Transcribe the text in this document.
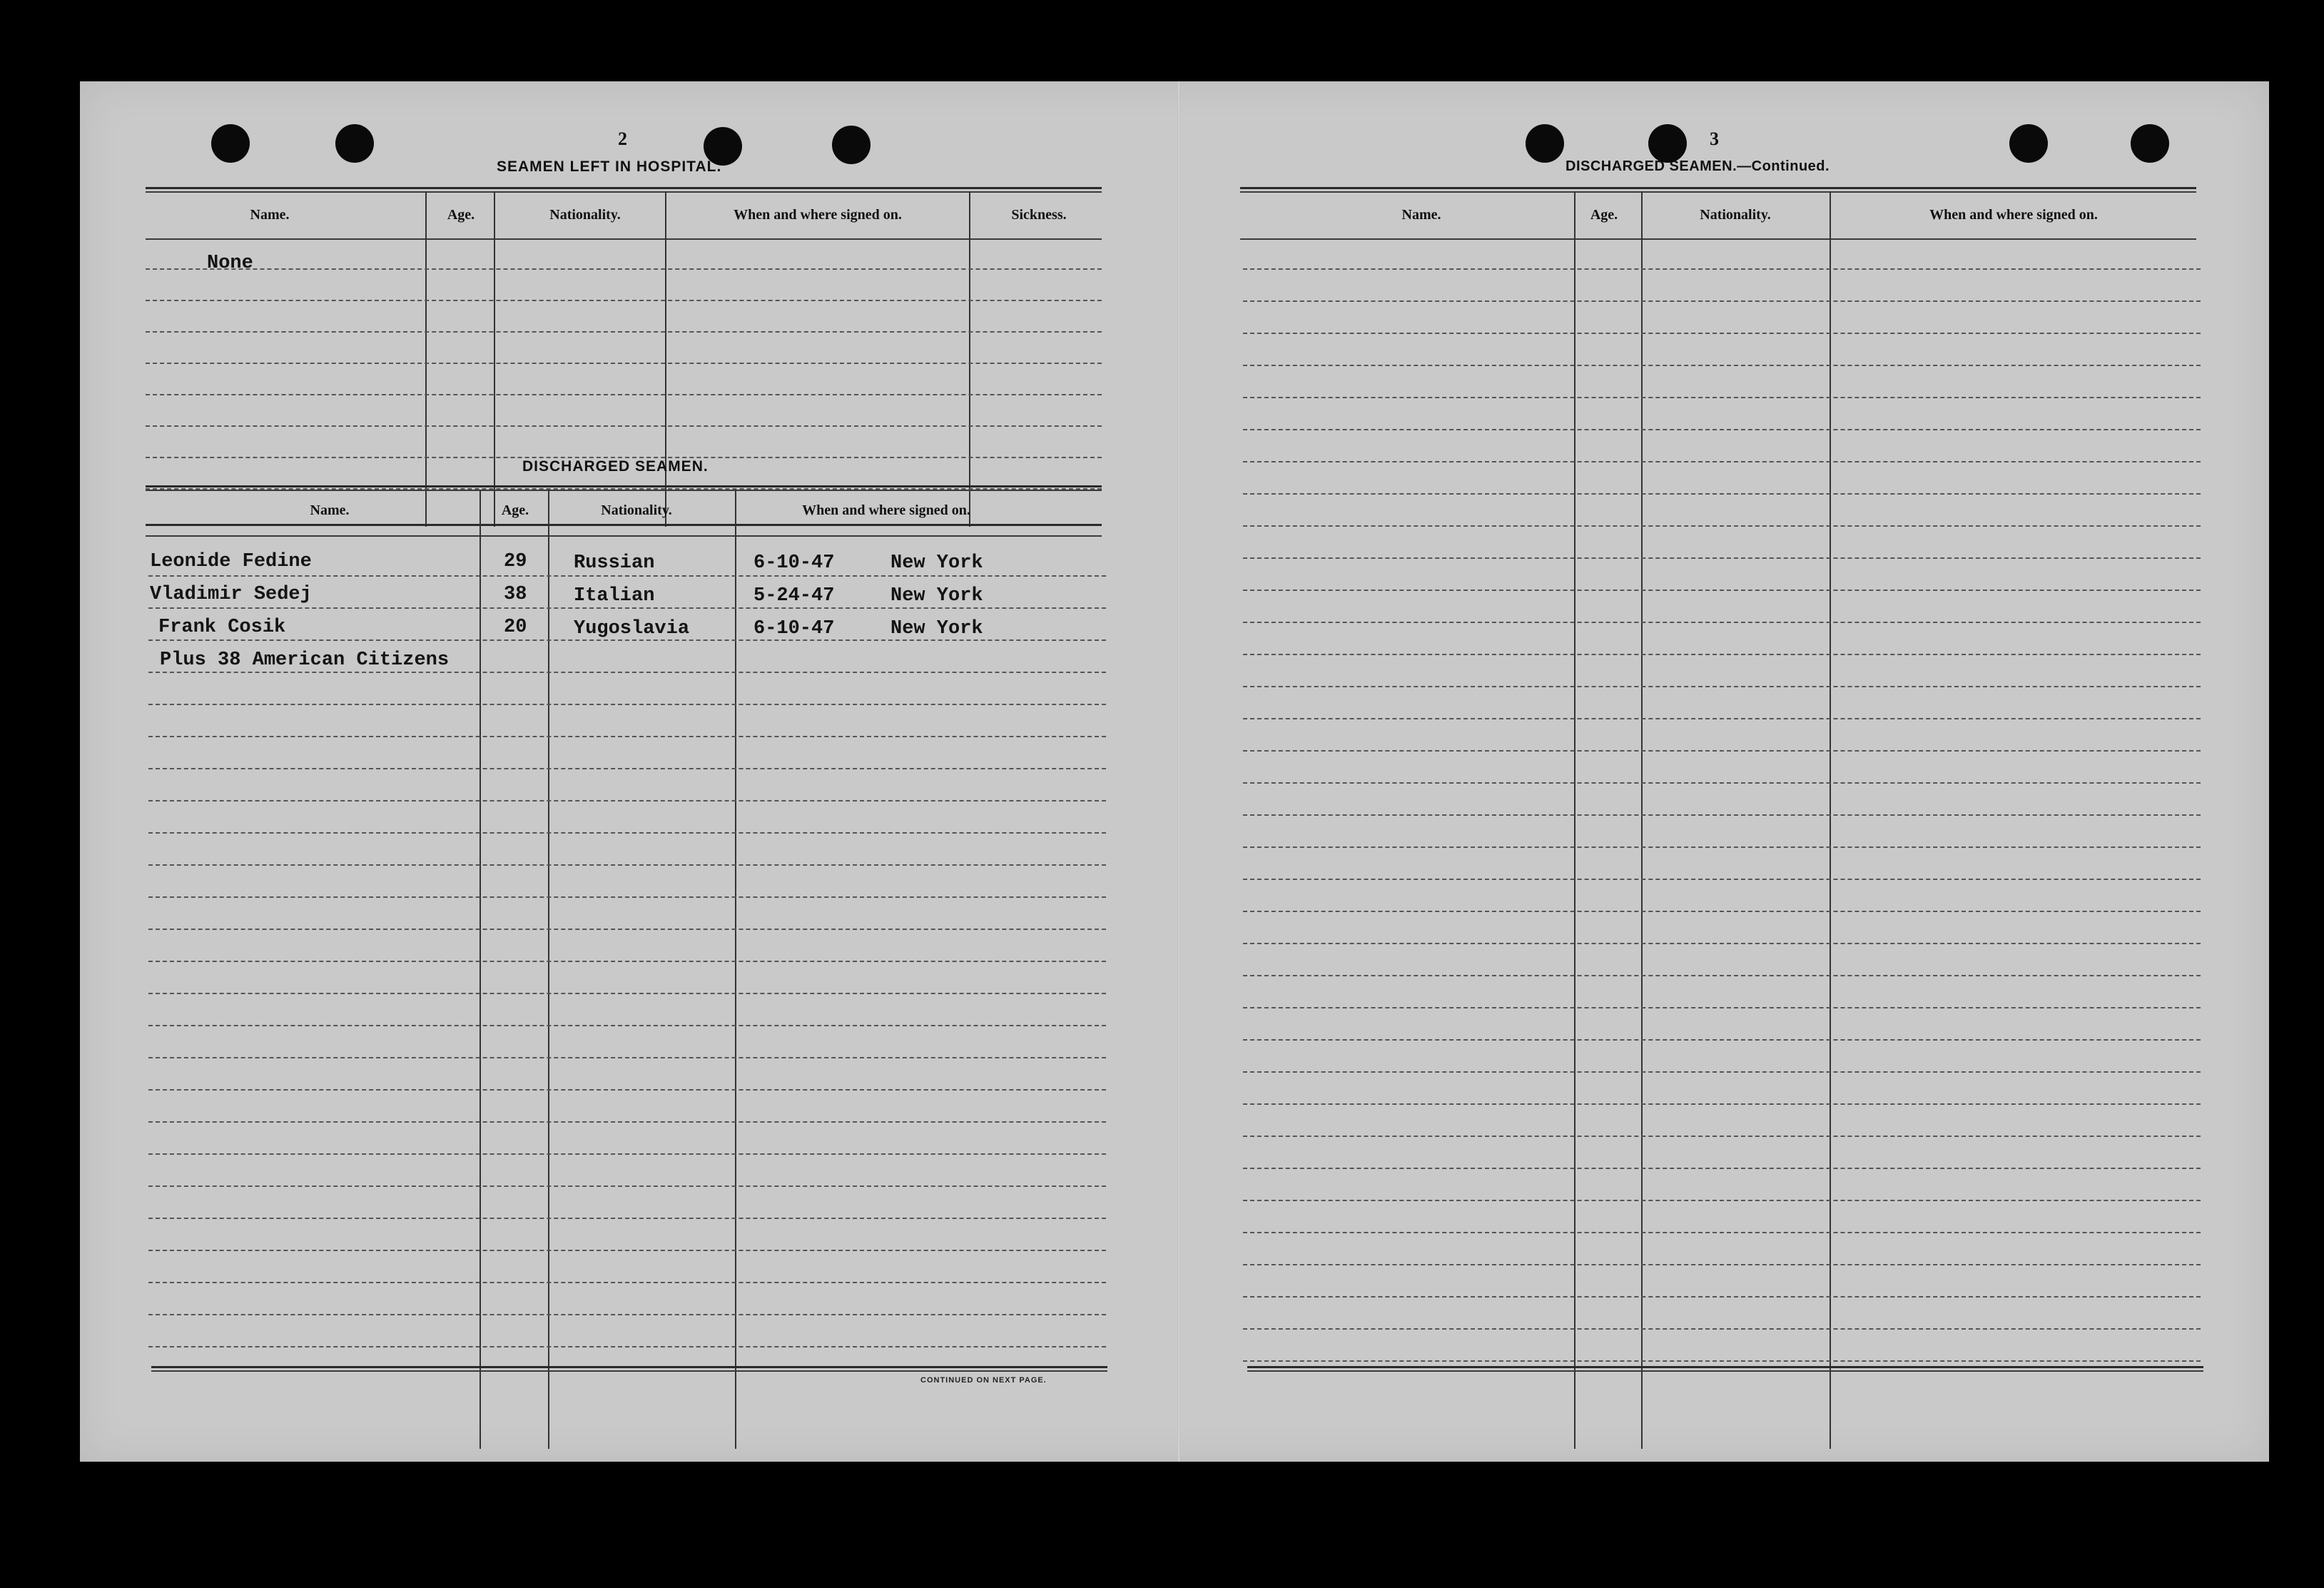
2
SEAMEN LEFT IN HOSPITAL.
Name.	Age.	Nationality.	When and where signed on.	Sickness.
None
DISCHARGED SEAMEN.
Name.	Age.	Nationality.	When and where signed on.
Leonide Fedine	29 Russian	6-10-47	New York
Vladimir Sedej	38 Italian	5-24-47	New York
Frank Cosik	20 Yugoslavia	6-10-47	New York
Plus 38 American Citizens
CONTINUED ON NEXT PAGE.
3
DISCHARGED SEAMEN.—Continued.
Name.	Age.	Nationality.	When and where signed on.
